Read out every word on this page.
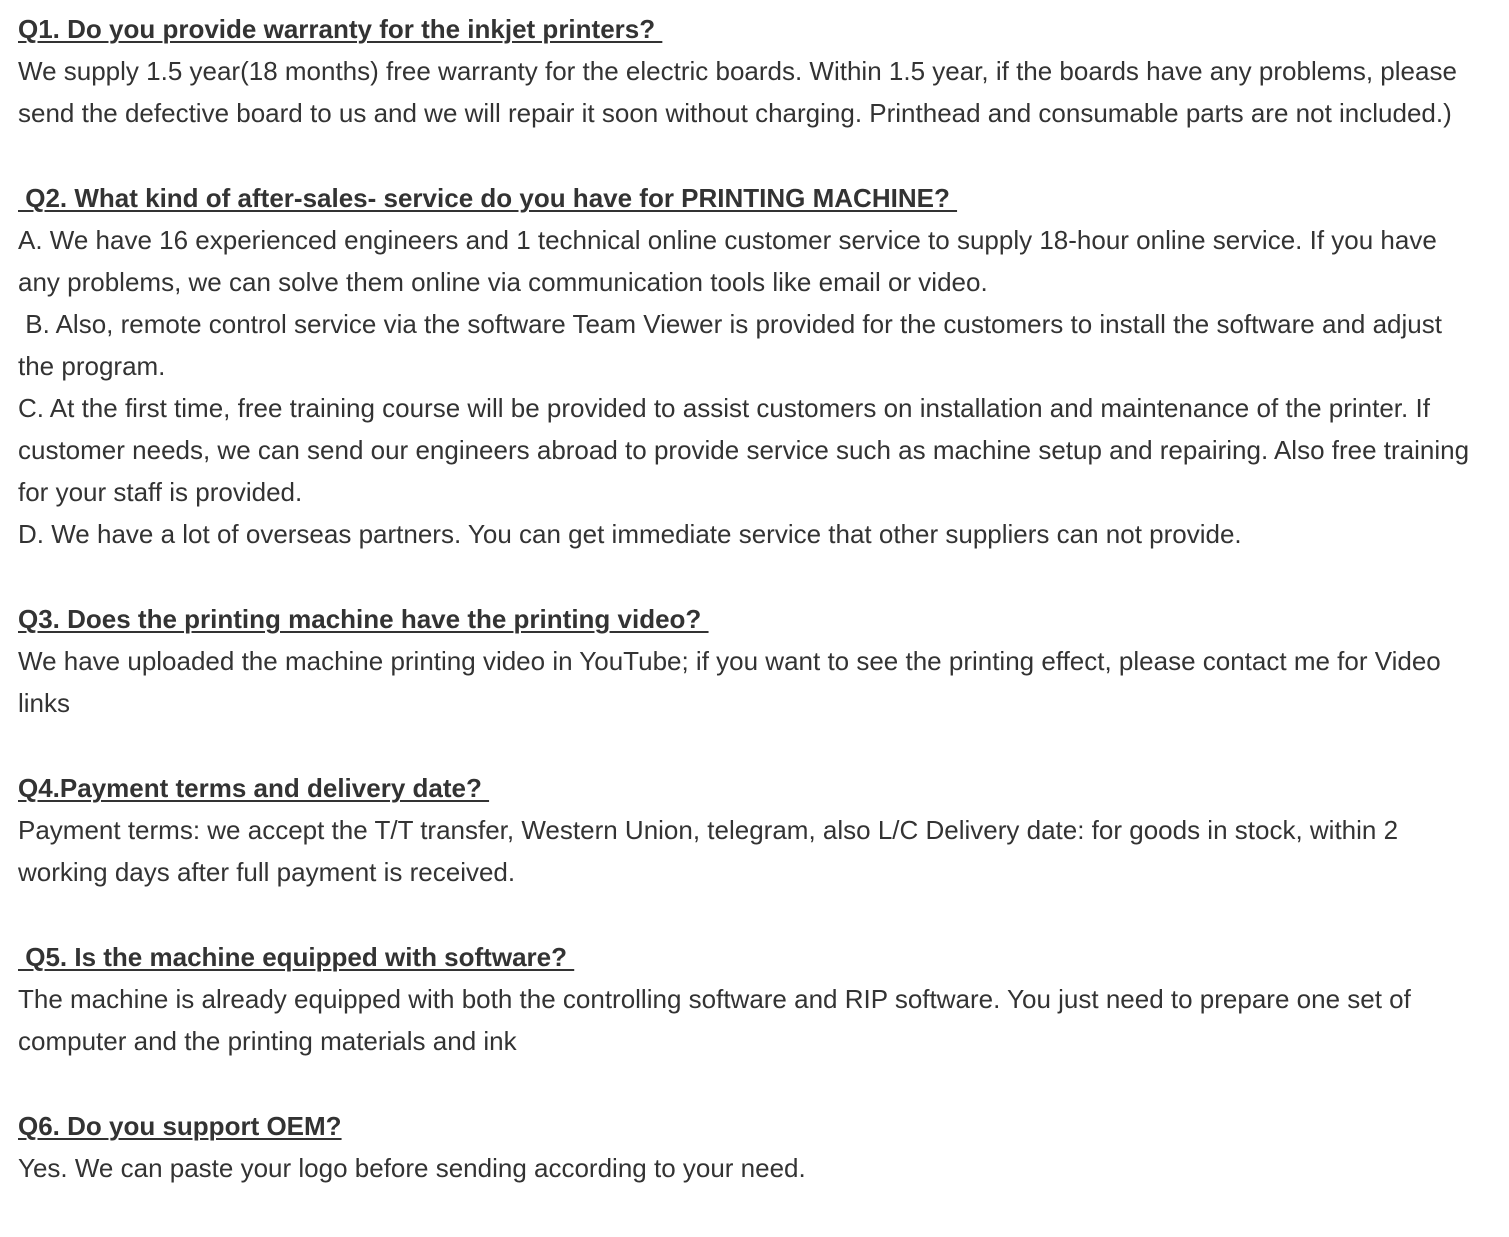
Q1. Do you provide warranty for the inkjet printers?

We supply 1.5 year(18 months) free warranty for the electric boards. Within 1.5 year, if the boards have any problems, please send the defective board to us and we will repair it soon without charging. Printhead and consumable parts are not included.)

Q2. What kind of after-sales- service do you have for PRINTING MACHINE?

A. We have 16 experienced engineers and 1 technical online customer service to supply 18-hour online service. If you have any problems, we can solve them online via communication tools like email or video.

B. Also, remote control service via the software Team Viewer is provided for the customers to install the software and adjust the program.

C. At the first time, free training course will be provided to assist customers on installation and maintenance of the printer. If customer needs, we can send our engineers abroad to provide service such as machine setup and repairing. Also free training for your staff is provided.

D. We have a lot of overseas partners. You can get immediate service that other suppliers can not provide.

Q3. Does the printing machine have the printing video?

We have uploaded the machine printing video in YouTube; if you want to see the printing effect, please contact me for Video links

Q4.Payment terms and delivery date?

Payment terms: we accept the T/T transfer, Western Union, telegram, also L/C Delivery date: for goods in stock, within 2 working days after full payment is received.

Q5. Is the machine equipped with software?

The machine is already equipped with both the controlling software and RIP software. You just need to prepare one set of computer and the printing materials and ink

Q6. Do you support OEM?

Yes. We can paste your logo before sending according to your need.
